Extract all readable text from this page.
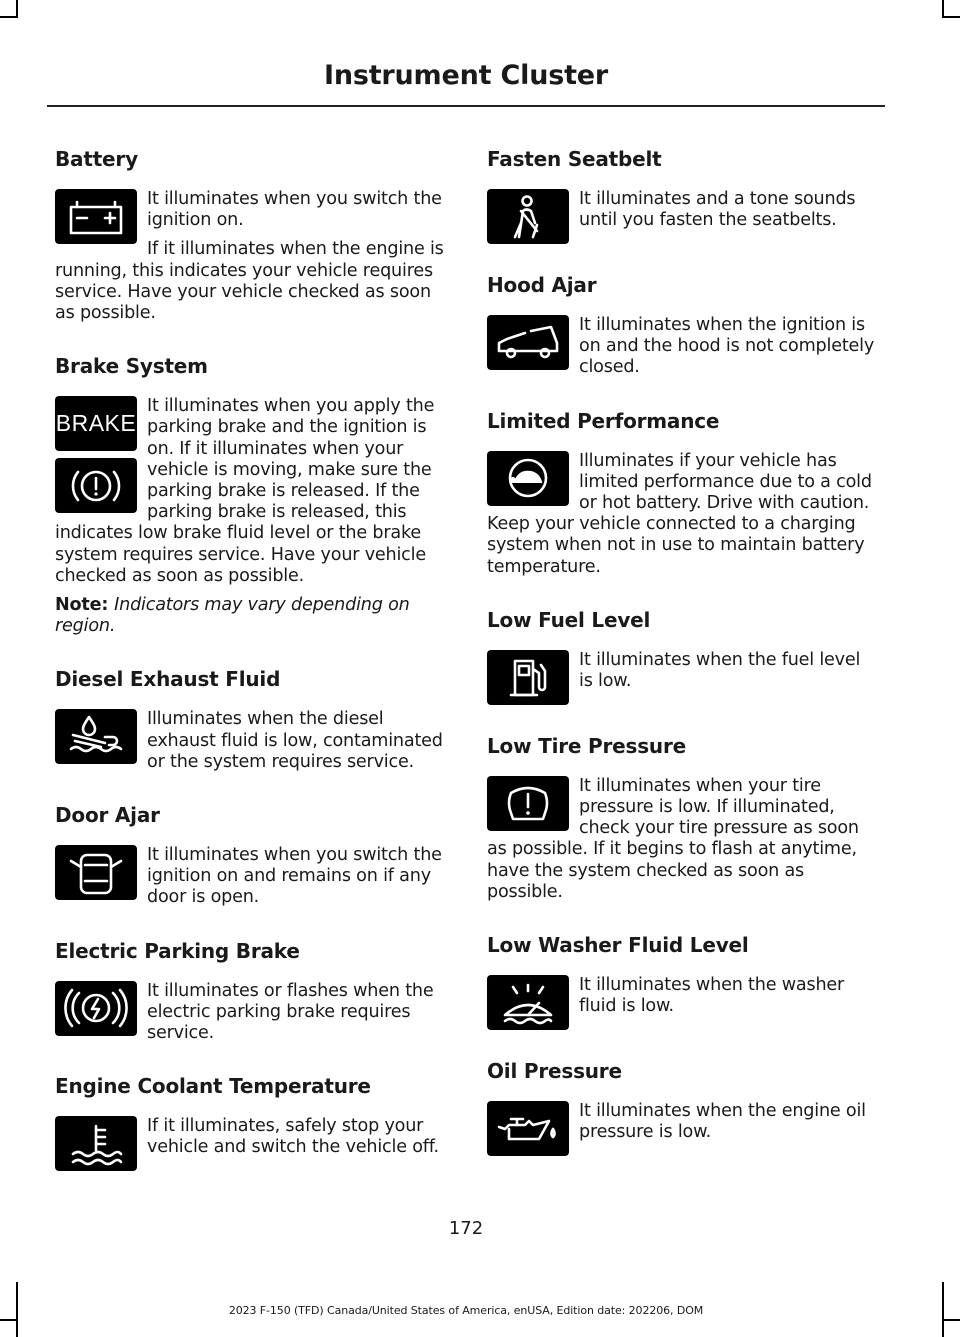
Instrument Cluster
Battery

It illuminates when you switch the ignition on.

If it illuminates when the engine is running, this indicates your vehicle requires service. Have your vehicle checked as soon as possible.

Brake System
BRAKE

It illuminates when you apply the parking brake and the ignition is on. If it illuminates when your vehicle is moving, make sure the parking brake is released. If the parking brake is released, this indicates low brake fluid level or the brake system requires service. Have your vehicle checked as soon as possible.

Note: Indicators may vary depending on region.

Diesel Exhaust Fluid

Illuminates when the diesel exhaust fluid is low, contaminated or the system requires service.

Door Ajar

It illuminates when you switch the ignition on and remains on if any door is open.

Electric Parking Brake

It illuminates or flashes when the electric parking brake requires service.

Engine Coolant Temperature

If it illuminates, safely stop your vehicle and switch the vehicle off.

Fasten Seatbelt

It illuminates and a tone sounds until you fasten the seatbelts.

Hood Ajar

It illuminates when the ignition is on and the hood is not completely closed.

Limited Performance

Illuminates if your vehicle has limited performance due to a cold or hot battery. Drive with caution. Keep your vehicle connected to a charging system when not in use to maintain battery temperature.

Low Fuel Level

It illuminates when the fuel level is low.

Low Tire Pressure

It illuminates when your tire pressure is low. If illuminated, check your tire pressure as soon as possible. If it begins to flash at anytime, have the system checked as soon as possible.

Low Washer Fluid Level

It illuminates when the washer fluid is low.

Oil Pressure

It illuminates when the engine oil pressure is low.

172
2023 F-150 (TFD) Canada/United States of America, enUSA, Edition date: 202206, DOM
